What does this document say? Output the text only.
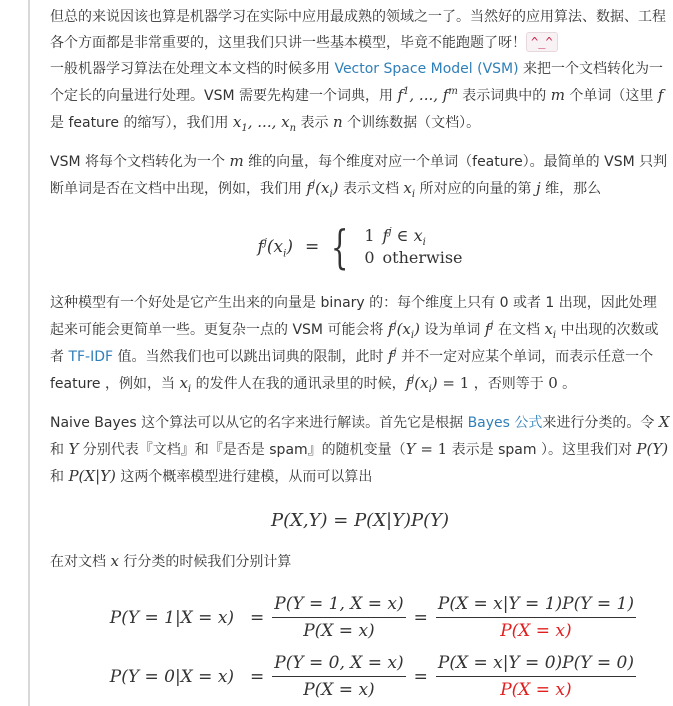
但总的来说因该也算是机器学习在实际中应用最成熟的领域之一了。当然好的应用算法、数据、工程各个方面都是非常重要的，这里我们只讲一些基本模型，毕竟不能跑题了呀！ ^_^
一般机器学习算法在处理文本文档的时候多用 Vector Space Model (VSM) 来把一个文档转化为一个定长的向量进行处理。VSM 需要先构建一个词典，用 $f^1$, ..., $f^m$ 表示词典中的 m 个单词（这里 f 是 feature 的缩写），我们用 $x_1$, ..., $x_n$ 表示 n 个训练数据（文档）。

VSM 将每个文档转化为一个 m 维的向量，每个维度对应一个单词（feature）。最简单的 VSM 只判断单词是否在文档中出现，例如，我们用 $f^j(x_i)$ 表示文档 $x_i$ 所对应的向量的第 j 维，那么

$f^j(x_i)$ = { 1 $f^j$ ∈ $x_i$
0 otherwise

这种模型有一个好处是它产生出来的向量是 binary 的：每个维度上只有 0 或者 1 出现，因此处理起来可能会更简单一些。更复杂一点的 VSM 可能会将 $f^j(x_i)$ 设为单词 $f^j$ 在文档 $x_i$ 中出现的次数或者 TF-IDF 值。当然我们也可以跳出词典的限制，此时 $f^j$ 并不一定对应某个单词，而表示任意一个 feature ，例如，当 $x_i$ 的发件人在我的通讯录里的时候，$f^j(x_i) = 1$ ，否则等于 0 。

Naive Bayes 这个算法可以从它的名字来进行解读。首先它是根据 Bayes 公式来进行分类的。令 X 和 Y 分别代表『文档』和『是否是 spam』的随机变量（Y = 1 表示是 spam ）。这里我们对 P(Y) 和 P(X|Y) 这两个概率模型进行建模，从而可以算出

P(X,Y) = P(X|Y)P(Y)

在对文档 x 行分类的时候我们分别计算

$P(Y = 1|X = x) = \frac{P(Y = 1, X = x)}{P(X = x)} = \frac{P(X = x|Y = 1)P(Y = 1)}{P(X = x)}$
$P(Y = 0|X = x) = \frac{P(Y = 0, X = x)}{P(X = x)} = \frac{P(X = x|Y = 0)P(Y = 0)}{P(X = x)}$
